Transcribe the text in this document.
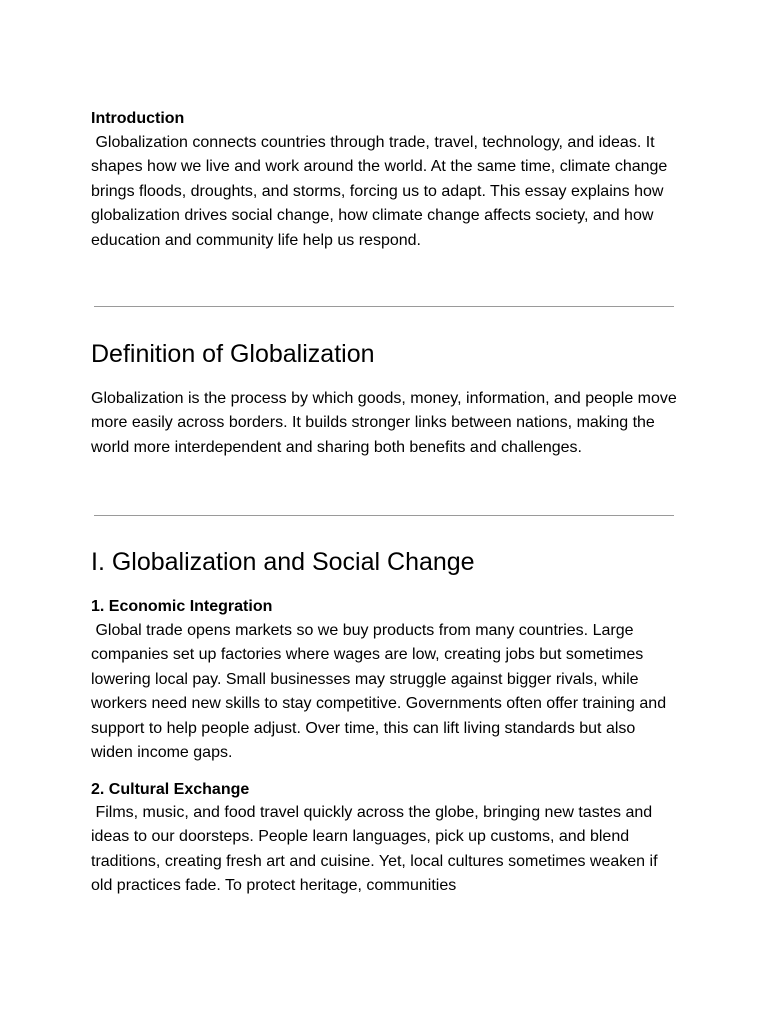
Introduction
Globalization connects countries through trade, travel, technology, and ideas. It shapes how we live and work around the world. At the same time, climate change brings floods, droughts, and storms, forcing us to adapt. This essay explains how globalization drives social change, how climate change affects society, and how education and community life help us respond.
Definition of Globalization
Globalization is the process by which goods, money, information, and people move more easily across borders. It builds stronger links between nations, making the world more interdependent and sharing both benefits and challenges.
I. Globalization and Social Change
1. Economic Integration
Global trade opens markets so we buy products from many countries. Large companies set up factories where wages are low, creating jobs but sometimes lowering local pay. Small businesses may struggle against bigger rivals, while workers need new skills to stay competitive. Governments often offer training and support to help people adjust. Over time, this can lift living standards but also widen income gaps.
2. Cultural Exchange
Films, music, and food travel quickly across the globe, bringing new tastes and ideas to our doorsteps. People learn languages, pick up customs, and blend traditions, creating fresh art and cuisine. Yet, local cultures sometimes weaken if old practices fade. To protect heritage, communities
